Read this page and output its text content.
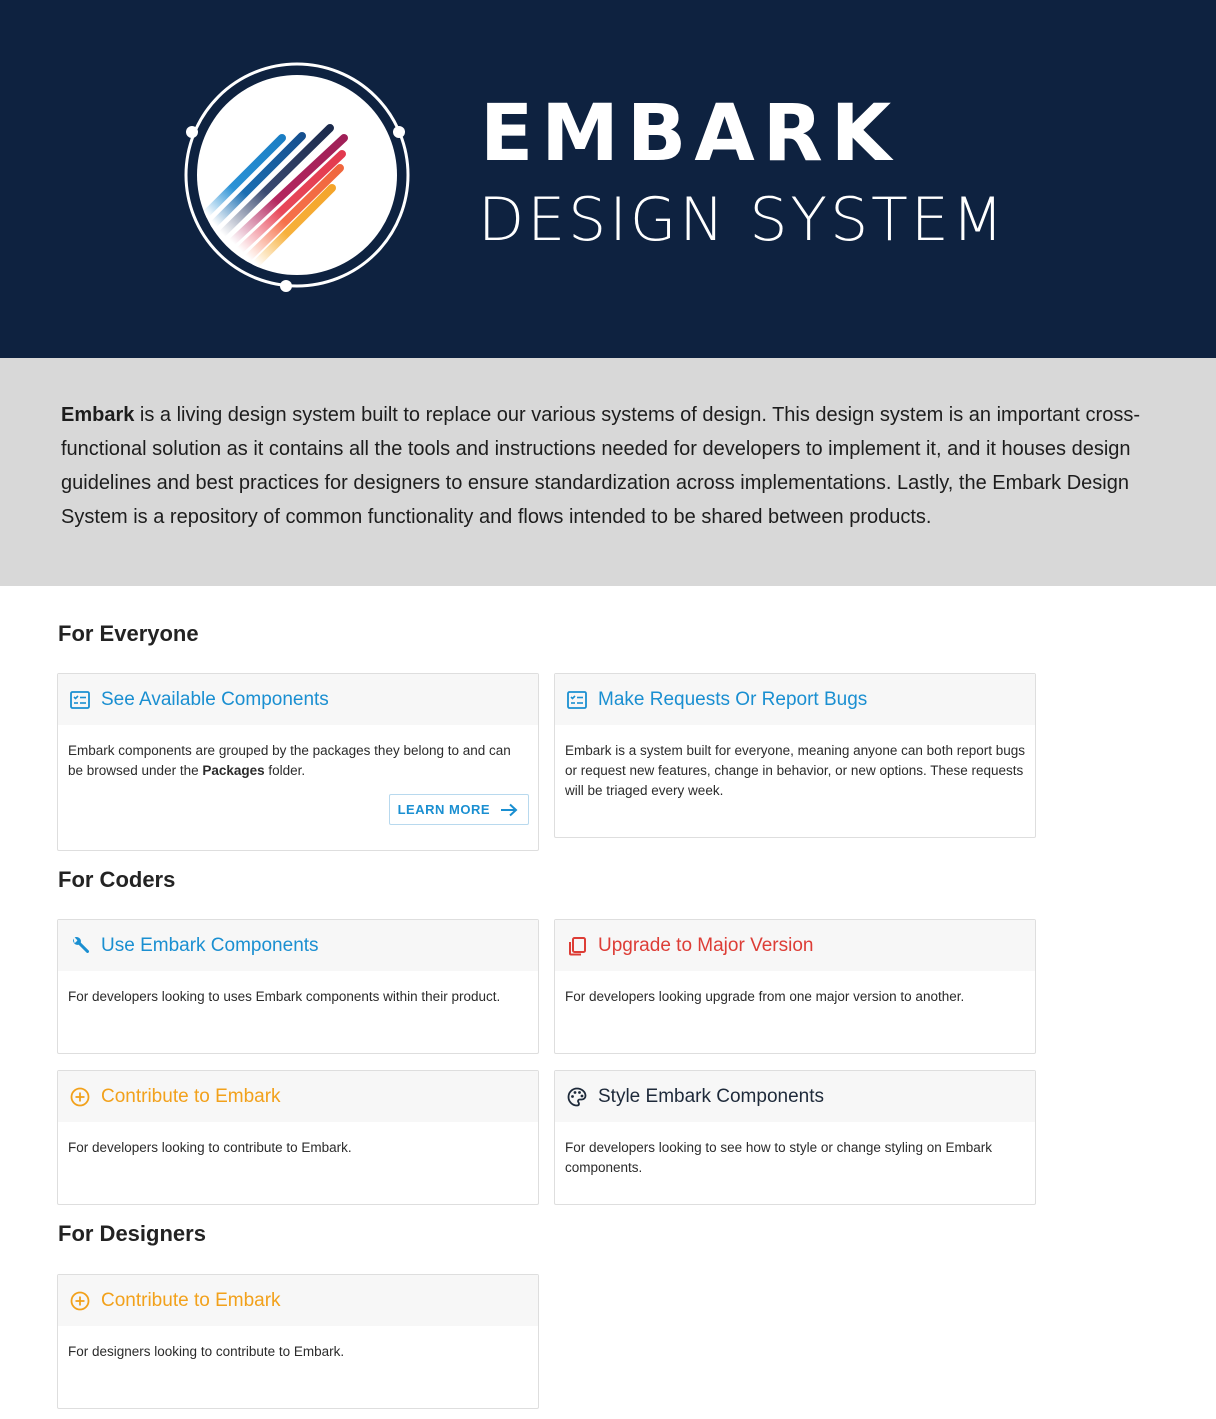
EMBARK
DESIGN SYSTEM

Embark is a living design system built to replace our various systems of design. This design system is an important cross-functional solution as it contains all the tools and instructions needed for developers to implement it, and it houses design guidelines and best practices for designers to ensure standardization across implementations. Lastly, the Embark Design System is a repository of common functionality and flows intended to be shared between products.

For Everyone
See Available Components
Embark components are grouped by the packages they belong to and can be browsed under the Packages folder.
LEARN MORE
Make Requests Or Report Bugs
Embark is a system built for everyone, meaning anyone can both report bugs or request new features, change in behavior, or new options. These requests will be triaged every week.
For Coders
Use Embark Components
For developers looking to uses Embark components within their product.
Upgrade to Major Version
For developers looking upgrade from one major version to another.
Contribute to Embark
For developers looking to contribute to Embark.
Style Embark Components
For developers looking to see how to style or change styling on Embark components.
For Designers
Contribute to Embark
For designers looking to contribute to Embark.
